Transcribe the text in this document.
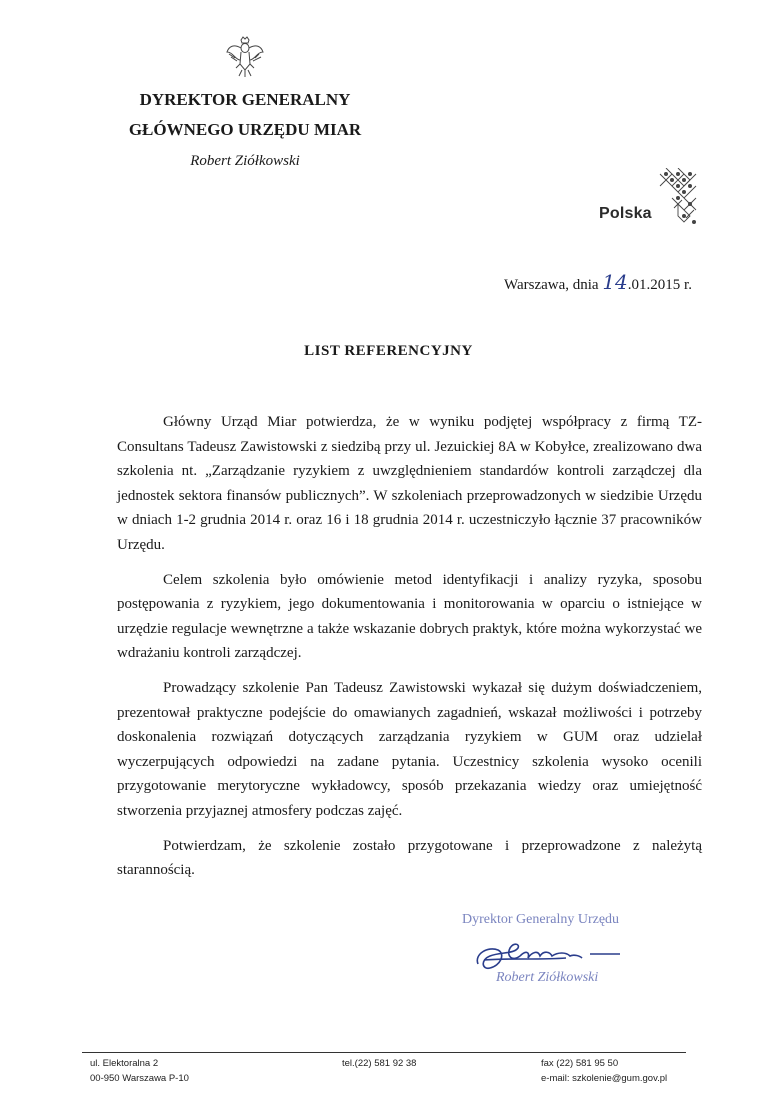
DYREKTOR GENERALNY
GŁÓWNEGO URZĘDU MIAR
Robert Ziółkowski
Polska
Warszawa, dnia 14.01.2015 r.
LIST REFERENCYJNY

Główny Urząd Miar potwierdza, że w wyniku podjętej współpracy z firmą TZ-Consultans Tadeusz Zawistowski z siedzibą przy ul. Jezuickiej 8A w Kobyłce, zrealizowano dwa szkolenia nt. „Zarządzanie ryzykiem z uwzględnieniem standardów kontroli zarządczej dla jednostek sektora finansów publicznych”. W szkoleniach przeprowadzonych w siedzibie Urzędu w dniach 1-2 grudnia 2014 r. oraz 16 i 18 grudnia 2014 r. uczestniczyło łącznie 37 pracowników Urzędu.

Celem szkolenia było omówienie metod identyfikacji i analizy ryzyka, sposobu postępowania z ryzykiem, jego dokumentowania i monitorowania w oparciu o istniejące w urzędzie regulacje wewnętrzne a także wskazanie dobrych praktyk, które można wykorzystać we wdrażaniu kontroli zarządczej.

Prowadzący szkolenie Pan Tadeusz Zawistowski wykazał się dużym doświadczeniem, prezentował praktyczne podejście do omawianych zagadnień, wskazał możliwości i potrzeby doskonalenia rozwiązań dotyczących zarządzania ryzykiem w GUM oraz udzielał wyczerpujących odpowiedzi na zadane pytania. Uczestnicy szkolenia wysoko ocenili przygotowanie merytoryczne wykładowcy, sposób przekazania wiedzy oraz umiejętność stworzenia przyjaznej atmosfery podczas zajęć.

Potwierdzam, że szkolenie zostało przygotowane i przeprowadzone z należytą starannością.

Dyrektor Generalny Urzędu
Robert Ziółkowski
ul. Elektoralna 2
00-950 Warszawa P-10
tel.(22) 581 92 38	fax (22) 581 95 50
e-mail: szkolenie@gum.gov.pl
